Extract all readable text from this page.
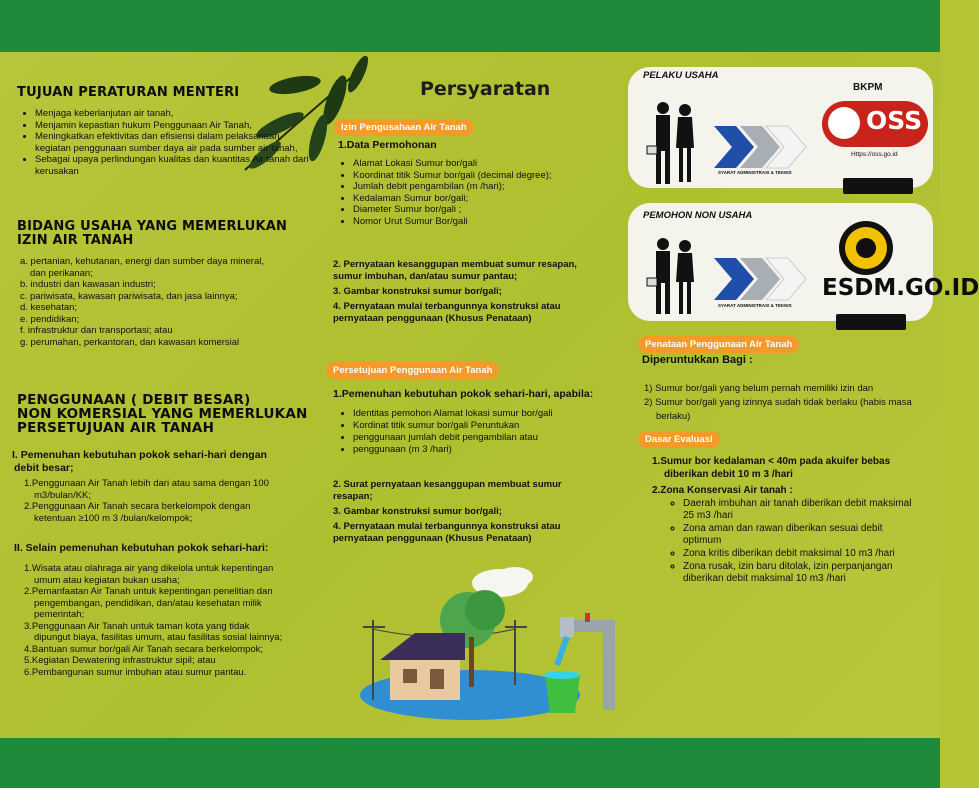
TUJUAN PERATURAN MENTERI
• Menjaga keberlanjutan air tanah,
• Menjamin kepastian hukum Penggunaan Air Tanah,
• Meningkatkan efektivitas dan efisiensi dalam pelaksanaan kegiatan penggunaan sumber daya air pada sumber air tanah,
• Sebagai upaya perlindungan kualitas dan kuantitas Air tanah dari kerusakan
BIDANG USAHA YANG MEMERLUKAN
IZIN AIR TANAH
a. pertanian, kehutanan, energi dan sumber daya mineral, dan perikanan;
b. industri dan kawasan industri;
c. pariwisata, kawasan pariwisata, dan jasa lainnya;
d. kesehatan;
e. pendidikan;
f. infrastruktur dan transportasi; atau
g. perumahan, perkantoran, dan kawasan komersial
PENGGUNAAN ( DEBIT BESAR)
NON KOMERSIAL YANG MEMERLUKAN
PERSETUJUAN AIR TANAH
I. Pemenuhan kebutuhan pokok sehari-hari dengan debit besar;
1.Penggunaan Air Tanah lebih dari atau sama dengan 100 m3/bulan/KK;
2.Penggunaan Air Tanah secara berkelompok dengan ketentuan ≥100 m 3 /bulan/kelompok;
II. Selain pemenuhan kebutuhan pokok sehari-hari:
1.Wisata atau olahraga air yang dikelola untuk kepentingan umum atau kegiatan bukan usaha;
2.Pemanfaatan Air Tanah untuk kepentingan penelitian dan pengembangan, pendidikan, dan/atau kesehatan milik pemerintah;
3.Penggunaan Air Tanah untuk taman kota yang tidak dipungut biaya, fasilitas umum, atau fasilitas sosial lainnya;
4.Bantuan sumur bor/gali Air Tanah secara berkelompok;
5.Kegiatan Dewatering infrastruktur sipil; atau
6.Pembangunan sumur imbuhan atau sumur pantau.
Persyaratan
Izin Pengusahaan Air Tanah
1.Data Permohonan
• Alamat Lokasi Sumur bor/gali
• Koordinat titik Sumur bor/gali (decimal degree);
• Jumlah debit pengambilan (m /hari);
• Kedalaman Sumur bor/gali;
• Diameter Sumur bor/gali ;
• Nomor Urut Sumur Bor/gali
2. Pernyataan kesanggupan membuat sumur resapan, sumur imbuhan, dan/atau sumur pantau;
3. Gambar konstruksi sumur bor/gali;
4. Pernyataan mulai terbangunnya konstruksi atau pernyataan penggunaan (Khusus Penataan)
Persetujuan Penggunaan Air Tanah
1.Pemenuhan kebutuhan pokok sehari-hari, apabila:
• Identitas pemohon Alamat lokasi sumur bor/gali
• Kordinat titik sumur bor/gali Peruntukan
• penggunaan jumlah debit pengambilan atau
• penggunaan (m 3 /hari)
2. Surat pernyataan kesanggupan membuat sumur resapan;
3. Gambar konstruksi sumur bor/gali;
4. Pernyataan mulai terbangunnya konstruksi atau pernyataan penggunaan (Khusus Penataan)
PELAKU USAHA
SYARAT ADMINISTRASI & TEKNIS
BKPM
OSS
Https://oss.go.id
PEMOHON NON USAHA
SYARAT ADMINISTRASI & TEKNIS
ESDM.GO.ID
Penataan Penggunaan Air Tanah
Diperuntukkan Bagi :
1) Sumur bor/gali yang belum pernah memiliki izin dan
2) Sumur bor/gali yang izinnya sudah tidak berlaku (habis masa berlaku)
Dasar Evaluasi
1.Sumur bor kedalaman < 40m pada akuifer bebas diberikan debit 10 m 3 /hari
2.Zona Konservasi Air tanah :
◦ Daerah imbuhan air tanah diberikan debit maksimal 25 m3 /hari
◦ Zona aman dan rawan diberikan sesuai debit optimum
◦ Zona kritis diberikan debit maksimal 10 m3 /hari
◦ Zona rusak, izin baru ditolak, izin perpanjangan diberikan debit maksimal 10 m3 /hari
